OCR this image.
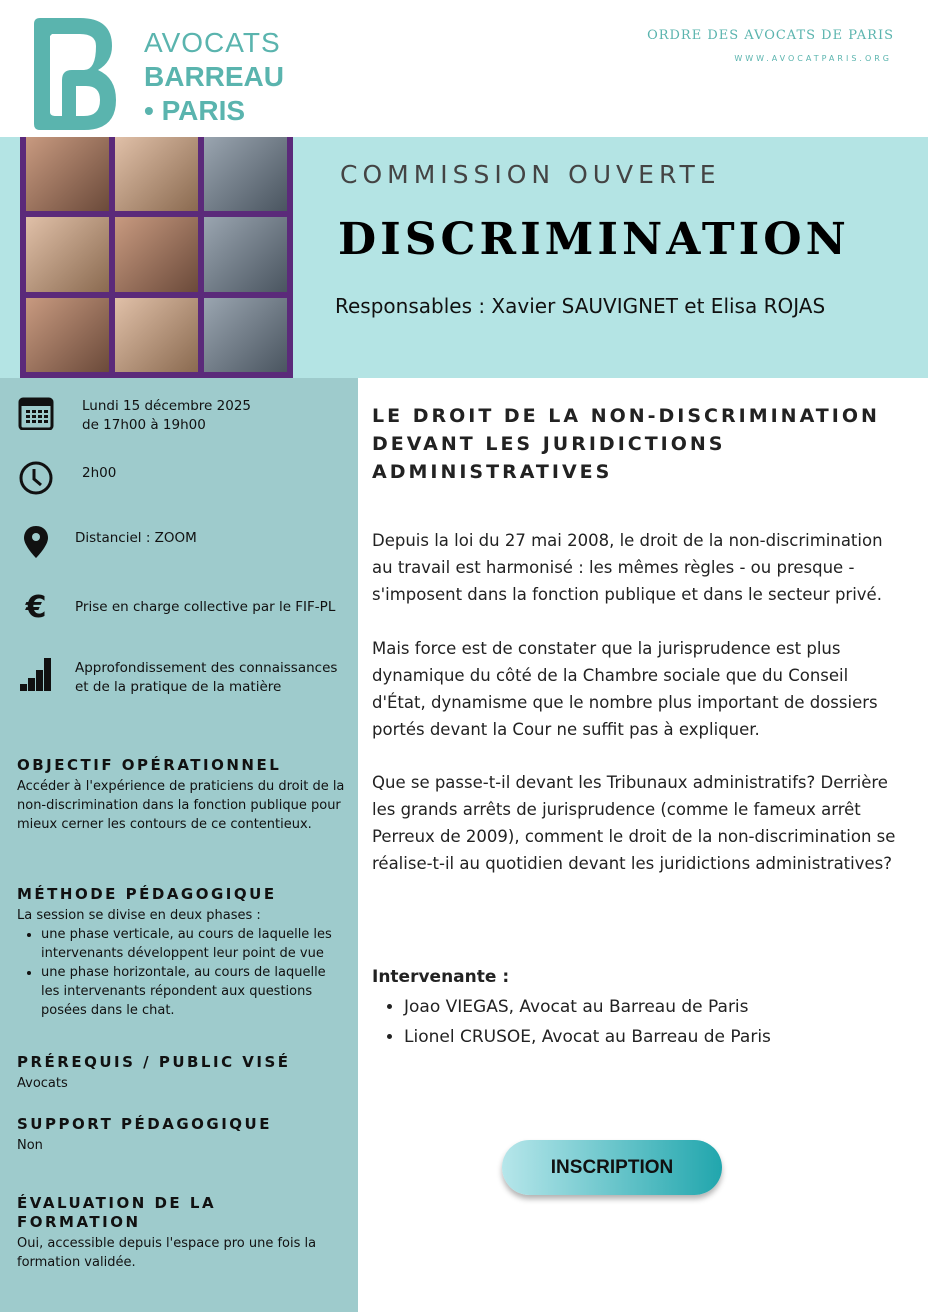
AVOCATS
BARREAU
• PARIS
ORDRE DES AVOCATS DE PARIS
WWW.AVOCATPARIS.ORG
COMMISSION OUVERTE
DISCRIMINATION
Responsables : Xavier SAUVIGNET et Elisa ROJAS
Lundi 15 décembre 2025
de 17h00 à 19h00
2h00
Distanciel : ZOOM
€	Prise en charge collective par le FIF-PL
Approfondissement des connaissances
et de la pratique de la matière
OBJECTIF OPÉRATIONNEL

Accéder à l'expérience de praticiens du droit de la non-discrimination dans la fonction publique pour mieux cerner les contours de ce contentieux.

MÉTHODE PÉDAGOGIQUE

La session se divise en deux phases :

• une phase verticale, au cours de laquelle les intervenants développent leur point de vue
• une phase horizontale, au cours de laquelle les intervenants répondent aux questions posées dans le chat.
PRÉREQUIS / PUBLIC VISÉ

Avocats

SUPPORT PÉDAGOGIQUE

Non

ÉVALUATION DE LA FORMATION

Oui, accessible depuis l'espace pro une fois la formation validée.

LE DROIT DE LA NON-DISCRIMINATION DEVANT LES JURIDICTIONS ADMINISTRATIVES

Depuis la loi du 27 mai 2008, le droit de la non-discrimination au travail est harmonisé : les mêmes règles - ou presque - s'imposent dans la fonction publique et dans le secteur privé.

Mais force est de constater que la jurisprudence est plus dynamique du côté de la Chambre sociale que du Conseil d'État, dynamisme que le nombre plus important de dossiers portés devant la Cour ne suffit pas à expliquer.

Que se passe-t-il devant les Tribunaux administratifs? Derrière les grands arrêts de jurisprudence (comme le fameux arrêt Perreux de 2009), comment le droit de la non-discrimination se réalise-t-il au quotidien devant les juridictions administratives?

Intervenante :
• Joao VIEGAS, Avocat au Barreau de Paris
• Lionel CRUSOE, Avocat au Barreau de Paris
INSCRIPTION
